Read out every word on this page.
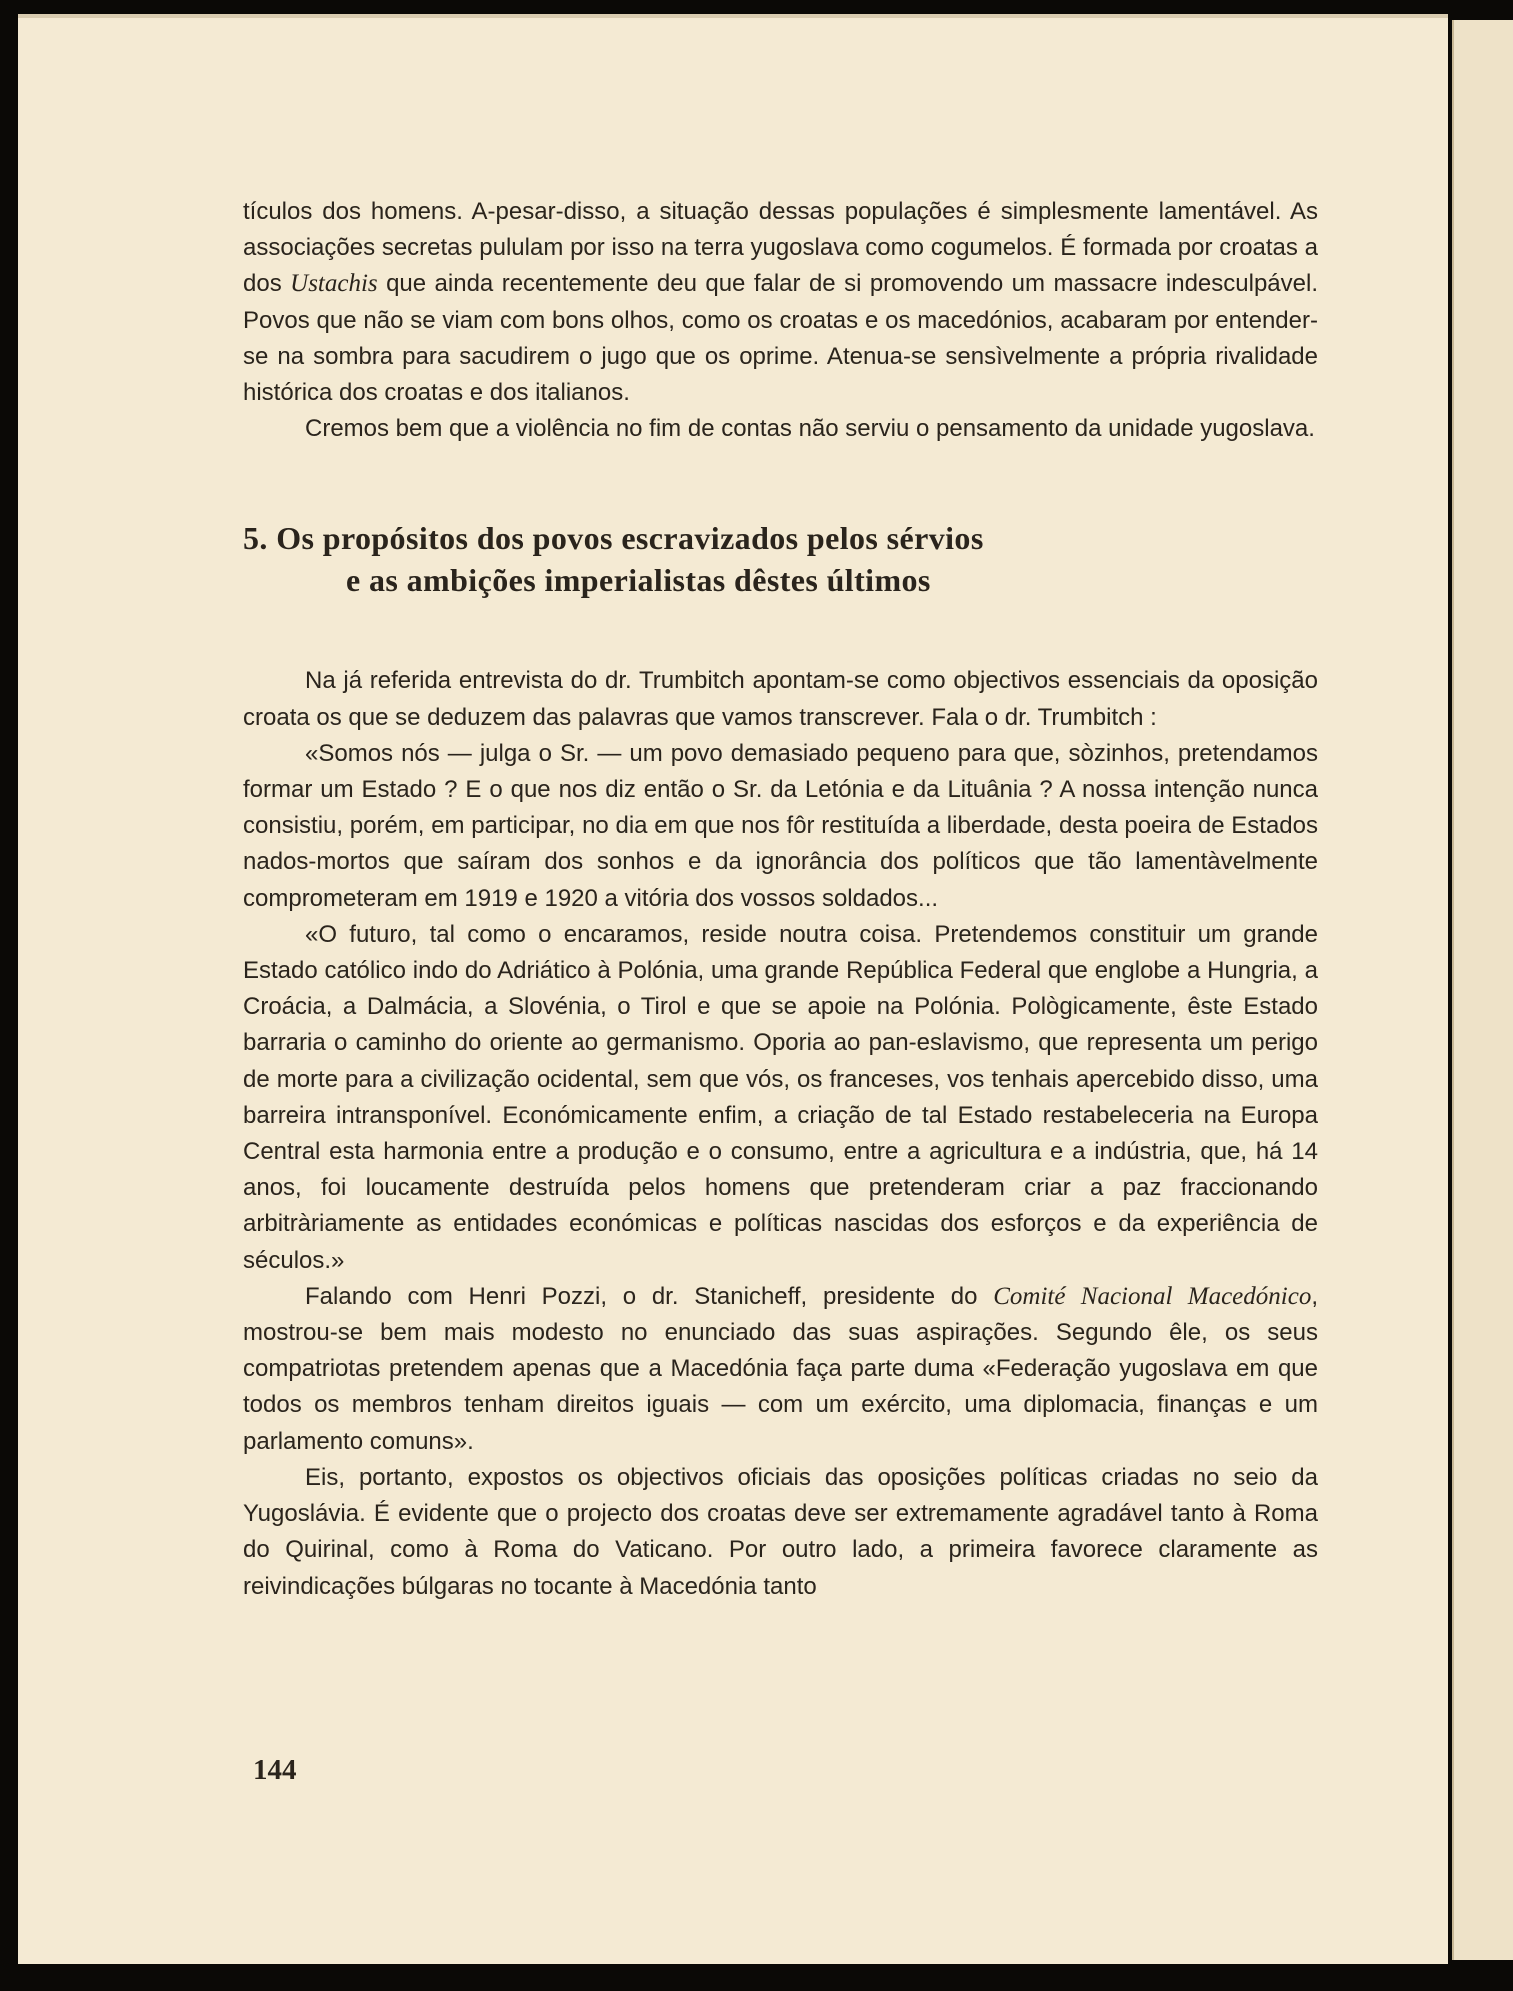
tículos dos homens. A-pesar-disso, a situação dessas populações é simplesmente lamentável. As associações secretas pululam por isso na terra yugoslava como cogumelos. É formada por croatas a dos Ustachis que ainda recentemente deu que falar de si promovendo um massacre indesculpável. Povos que não se viam com bons olhos, como os croatas e os macedónios, acabaram por entender-se na sombra para sacudirem o jugo que os oprime. Atenua-se sensìvelmente a própria rivalidade histórica dos croatas e dos italianos.

Cremos bem que a violência no fim de contas não serviu o pensamento da unidade yugoslava.

5. Os propósitos dos povos escravizados pelos sérvios
e as ambições imperialistas dêstes últimos

Na já referida entrevista do dr. Trumbitch apontam-se como objectivos essenciais da oposição croata os que se deduzem das palavras que vamos transcrever. Fala o dr. Trumbitch :

«Somos nós — julga o Sr. — um povo demasiado pequeno para que, sòzinhos, pretendamos formar um Estado ? E o que nos diz então o Sr. da Letónia e da Lituânia ? A nossa intenção nunca consistiu, porém, em participar, no dia em que nos fôr restituída a liberdade, desta poeira de Estados nados-mortos que saíram dos sonhos e da ignorância dos políticos que tão lamentàvelmente comprometeram em 1919 e 1920 a vitória dos vossos soldados...

«O futuro, tal como o encaramos, reside noutra coisa. Pretendemos constituir um grande Estado católico indo do Adriático à Polónia, uma grande República Federal que englobe a Hungria, a Croácia, a Dalmácia, a Slovénia, o Tirol e que se apoie na Polónia. Pològicamente, êste Estado barraria o caminho do oriente ao germanismo. Oporia ao pan-eslavismo, que representa um perigo de morte para a civilização ocidental, sem que vós, os franceses, vos tenhais apercebido disso, uma barreira intransponível. Económicamente enfim, a criação de tal Estado restabeleceria na Europa Central esta harmonia entre a produção e o consumo, entre a agricultura e a indústria, que, há 14 anos, foi loucamente destruída pelos homens que pretenderam criar a paz fraccionando arbitràriamente as entidades económicas e políticas nascidas dos esforços e da experiência de séculos.»

Falando com Henri Pozzi, o dr. Stanicheff, presidente do Comité Nacional Macedónico, mostrou-se bem mais modesto no enunciado das suas aspirações. Segundo êle, os seus compatriotas pretendem apenas que a Macedónia faça parte duma «Federação yugoslava em que todos os membros tenham direitos iguais — com um exército, uma diplomacia, finanças e um parlamento comuns».

Eis, portanto, expostos os objectivos oficiais das oposições políticas criadas no seio da Yugoslávia. É evidente que o projecto dos croatas deve ser extremamente agradável tanto à Roma do Quirinal, como à Roma do Vaticano. Por outro lado, a primeira favorece claramente as reivindicações búlgaras no tocante à Macedónia tanto

144
